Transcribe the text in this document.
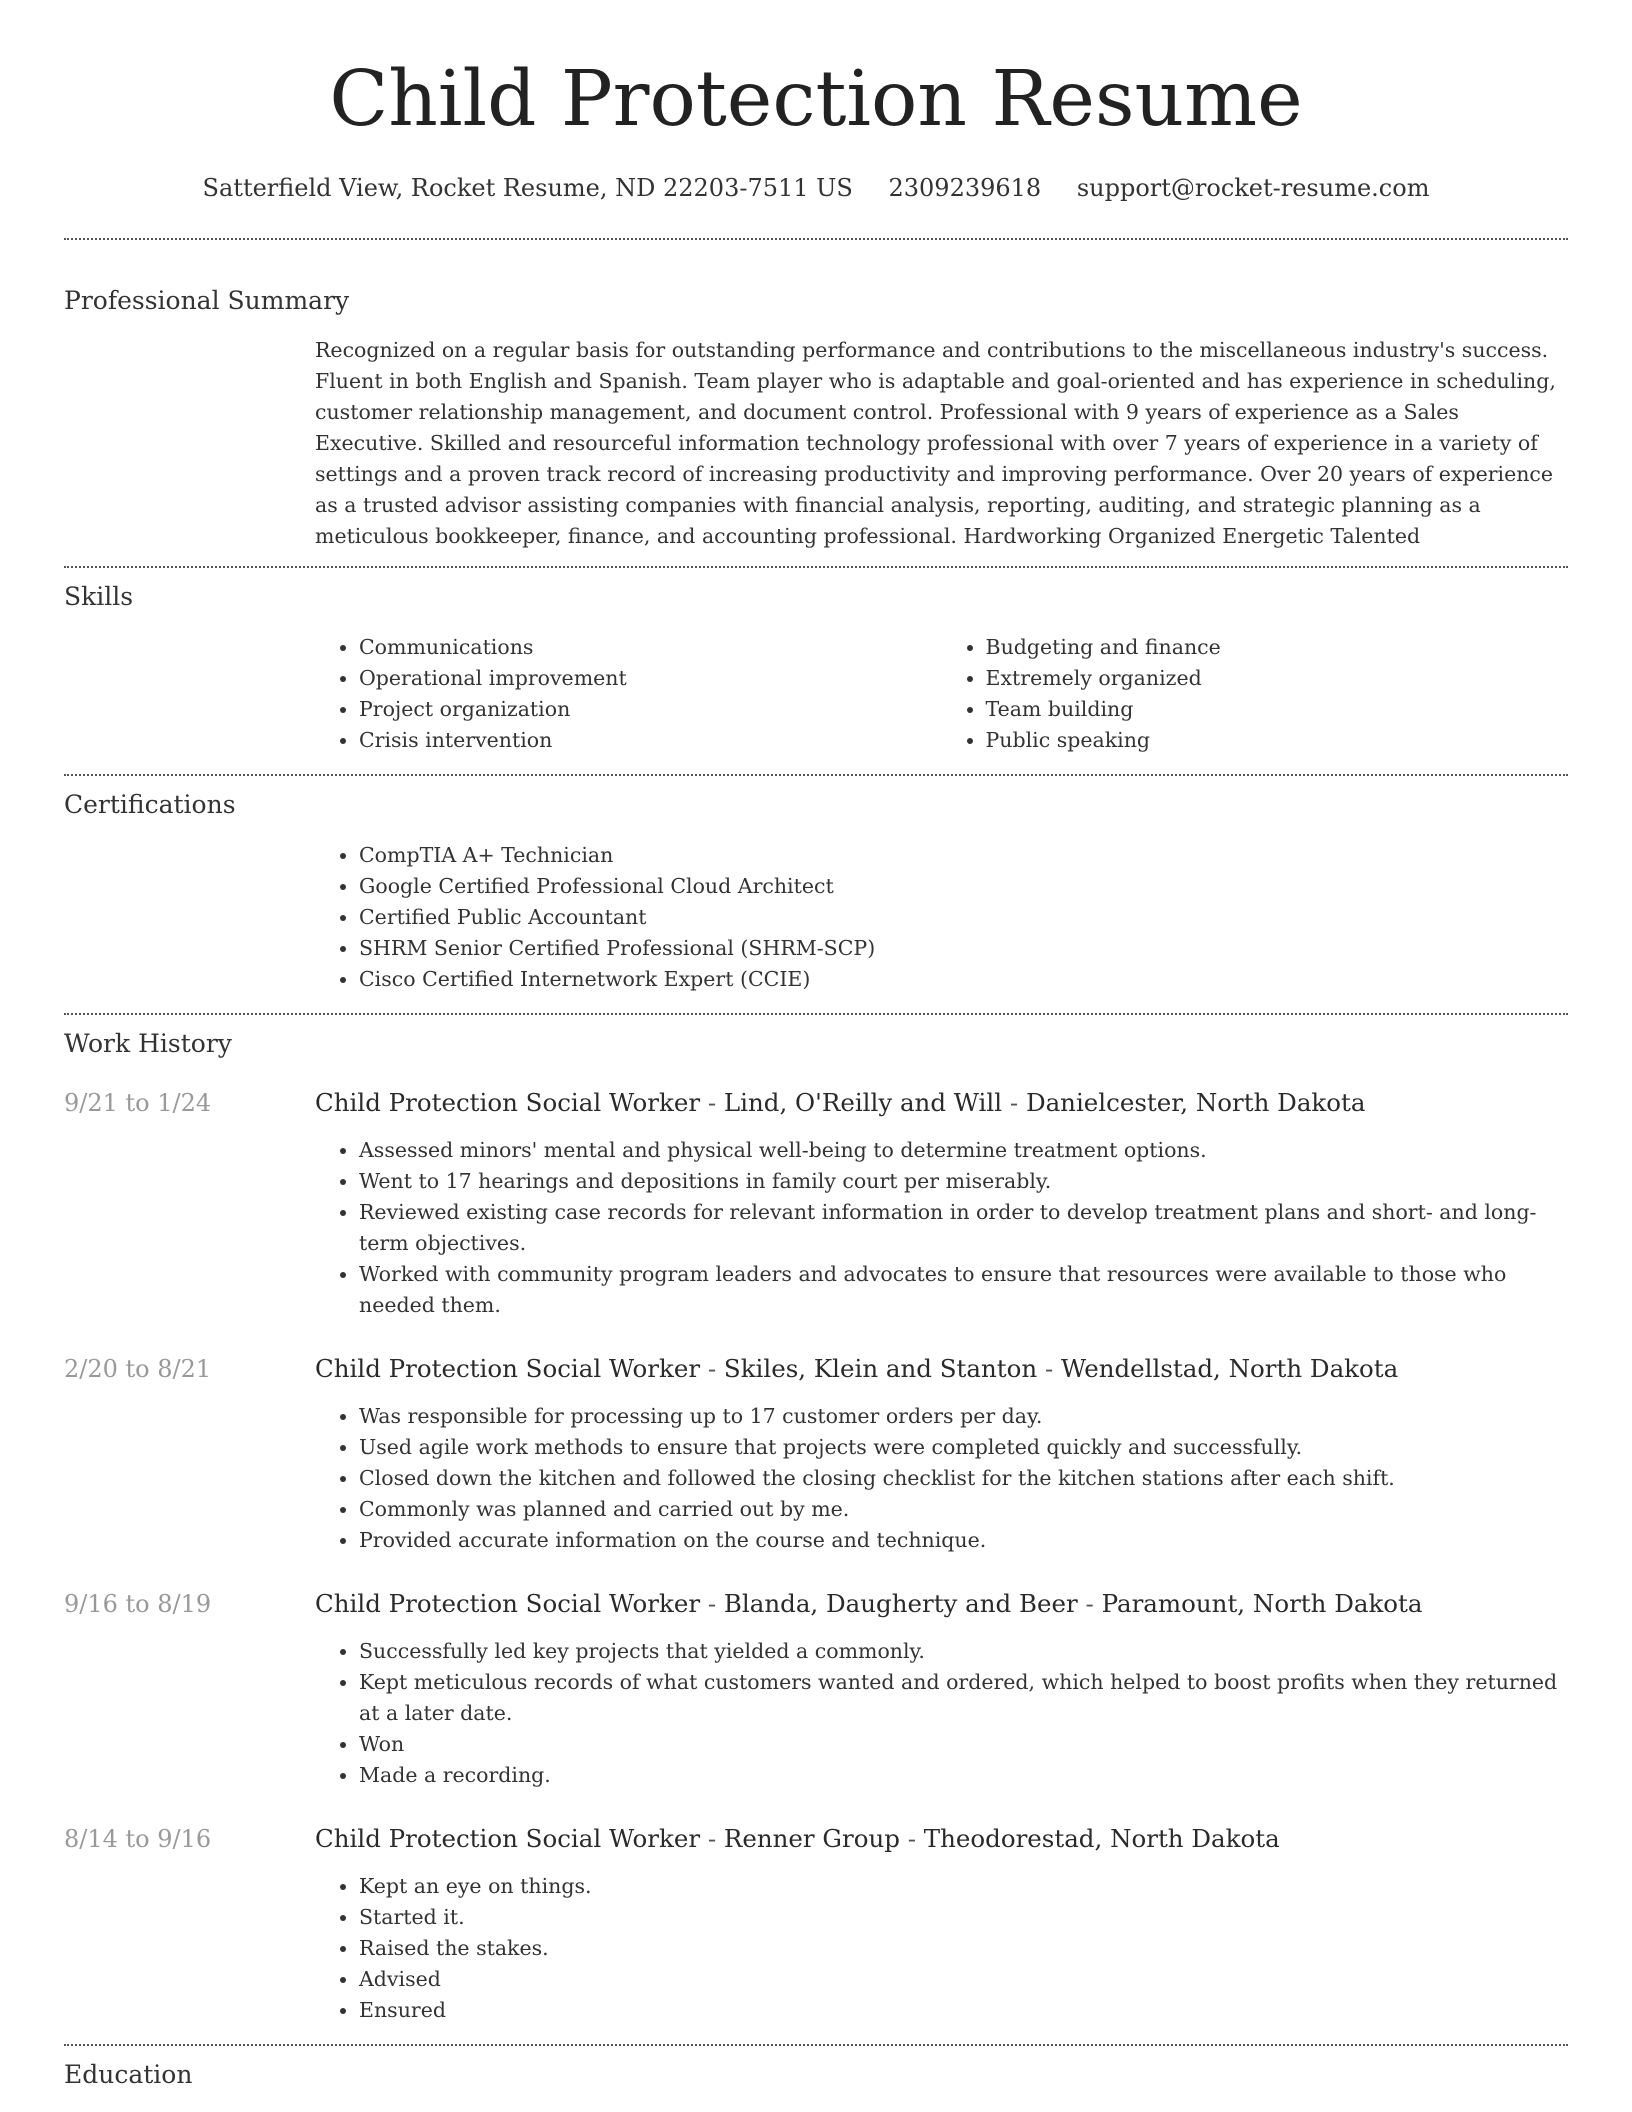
Child Protection Resume
Satterfield View, Rocket Resume, ND 22203-7511 US 2309239618 support@rocket-resume.com
Professional Summary

Recognized on a regular basis for outstanding performance and contributions to the miscellaneous industry's success. Fluent in both English and Spanish. Team player who is adaptable and goal-oriented and has experience in scheduling, customer relationship management, and document control. Professional with 9 years of experience as a Sales Executive. Skilled and resourceful information technology professional with over 7 years of experience in a variety of settings and a proven track record of increasing productivity and improving performance. Over 20 years of experience as a trusted advisor assisting companies with financial analysis, reporting, auditing, and strategic planning as a meticulous bookkeeper, finance, and accounting professional. Hardworking Organized Energetic Talented

Skills
• Communications
• Operational improvement
• Project organization
• Crisis intervention
• Budgeting and finance
• Extremely organized
• Team building
• Public speaking
Certifications
• CompTIA A+ Technician
• Google Certified Professional Cloud Architect
• Certified Public Accountant
• SHRM Senior Certified Professional (SHRM-SCP)
• Cisco Certified Internetwork Expert (CCIE)
Work History
9/21 to 1/24	Child Protection Social Worker - Lind, O'Reilly and Will - Danielcester, North Dakota
• Assessed minors' mental and physical well-being to determine treatment options.
• Went to 17 hearings and depositions in family court per miserably.
• Reviewed existing case records for relevant information in order to develop treatment plans and short- and long-term objectives.
• Worked with community program leaders and advocates to ensure that resources were available to those who needed them.
2/20 to 8/21	Child Protection Social Worker - Skiles, Klein and Stanton - Wendellstad, North Dakota
• Was responsible for processing up to 17 customer orders per day.
• Used agile work methods to ensure that projects were completed quickly and successfully.
• Closed down the kitchen and followed the closing checklist for the kitchen stations after each shift.
• Commonly was planned and carried out by me.
• Provided accurate information on the course and technique.
9/16 to 8/19	Child Protection Social Worker - Blanda, Daugherty and Beer - Paramount, North Dakota
• Successfully led key projects that yielded a commonly.
• Kept meticulous records of what customers wanted and ordered, which helped to boost profits when they returned at a later date.
• Won
• Made a recording.
8/14 to 9/16	Child Protection Social Worker - Renner Group - Theodorestad, North Dakota
• Kept an eye on things.
• Started it.
• Raised the stakes.
• Advised
• Ensured
Education
